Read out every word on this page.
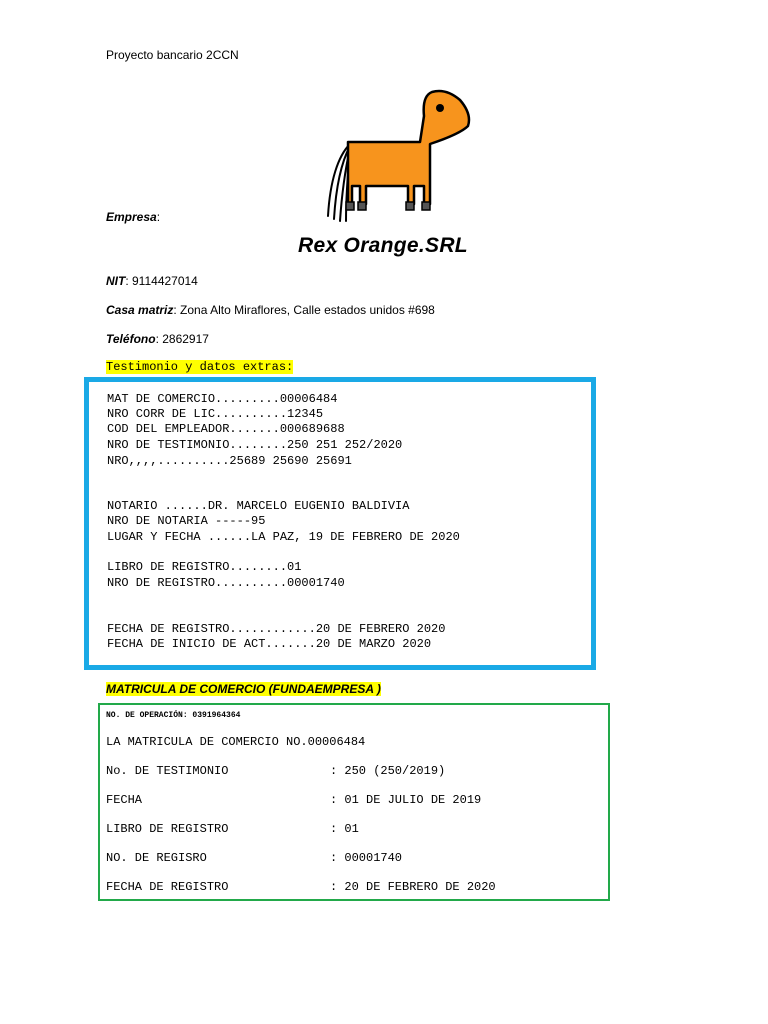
Proyecto bancario 2CCN
Empresa:
Rex Orange.SRL
NIT: 9114427014
Casa matriz: Zona Alto Miraflores, Calle estados unidos #698
Teléfono: 2862917
Testimonio y datos extras:
MAT DE COMERCIO.........00006484
NRO CORR DE LIC..........12345
COD DEL EMPLEADOR.......000689688
NRO DE TESTIMONIO........250 251 252/2020
NRO,,,,..........25689 25690 25691
NOTARIO ......DR. MARCELO EUGENIO BALDIVIA
NRO DE NOTARIA -----95
LUGAR Y FECHA ......LA PAZ, 19 DE FEBRERO DE 2020
LIBRO DE REGISTRO........01
NRO DE REGISTRO..........00001740
FECHA DE REGISTRO............20 DE FEBRERO 2020
FECHA DE INICIO DE ACT.......20 DE MARZO 2020
MATRICULA DE COMERCIO (FUNDAEMPRESA )
NO. DE OPERACIÓN: 0391964364
LA MATRICULA DE COMERCIO NO.00006484
No. DE TESTIMONIO	: 250 (250/2019)
FECHA	: 01 DE JULIO DE 2019
LIBRO DE REGISTRO	: 01
NO. DE REGISRO	: 00001740
FECHA DE REGISTRO	: 20 DE FEBRERO DE 2020
